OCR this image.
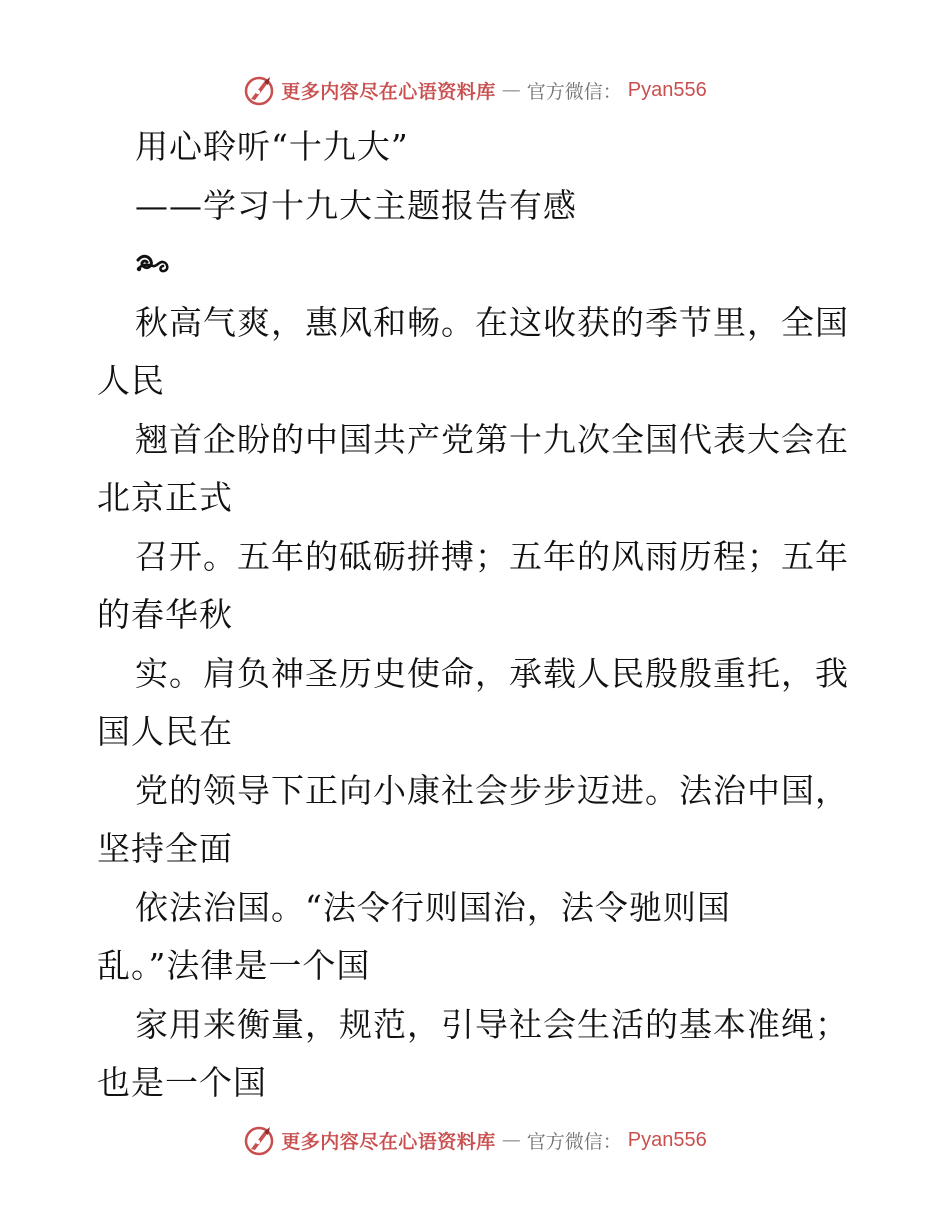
更多内容尽在心语资料库 — 官方微信： Pyan556
用心聆听“十九大”
——学习十九大主题报告有感
秋高气爽，惠风和畅。在这收获的季节里，全国
人民
翘首企盼的中国共产党第十九次全国代表大会在
北京正式
召开。五年的砥砺拼搏；五年的风雨历程；五年
的春华秋
实。肩负神圣历史使命，承载人民殷殷重托，我
国人民在
党的领导下正向小康社会步步迈进。法治中国，
坚持全面
依法治国。“法令行则国治，法令驰则国
乱。”法律是一个国
家用来衡量，规范，引导社会生活的基本准绳；
也是一个国
更多内容尽在心语资料库 — 官方微信： Pyan556
